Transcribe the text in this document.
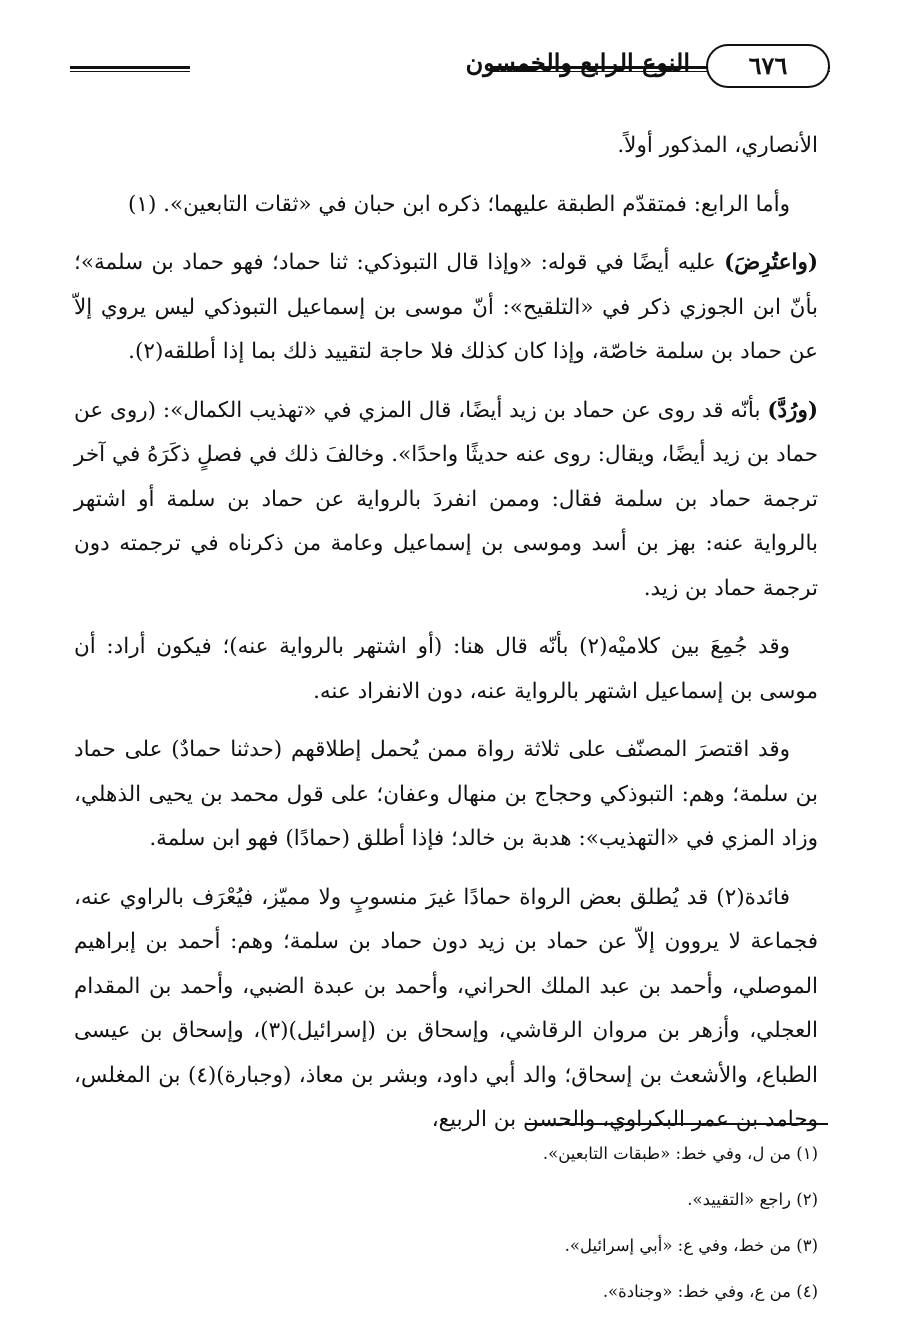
النوع الرابع والخمسون	٦٧٦

الأنصاري، المذكور أولاً.

وأما الرابع: فمتقدّم الطبقة عليهما؛ ذكره ابن حبان في «ثقات التابعين». (١)

(واعتُرِضَ) عليه أيضًا في قوله: «وإذا قال التبوذكي: ثنا حماد؛ فهو حماد بن سلمة»؛ بأنّ ابن الجوزي ذكر في «التلقيح»: أنّ موسى بن إسماعيل التبوذكي ليس يروي إلاّ عن حماد بن سلمة خاصّة، وإذا كان كذلك فلا حاجة لتقييد ذلك بما إذا أطلقه(٢).

(ورُدَّ) بأنّه قد روى عن حماد بن زيد أيضًا، قال المزي في «تهذيب الكمال»: (روى عن حماد بن زيد أيضًا، ويقال: روى عنه حديثًا واحدًا». وخالفَ ذلك في فصلٍ ذكَرَهُ في آخر ترجمة حماد بن سلمة فقال: وممن انفردَ بالرواية عن حماد بن سلمة أو اشتهر بالرواية عنه: بهز بن أسد وموسى بن إسماعيل وعامة من ذكرناه في ترجمته دون ترجمة حماد بن زيد.

وقد جُمِعَ بين كلاميْه(٢) بأنّه قال هنا: (أو اشتهر بالرواية عنه)؛ فيكون أراد: أن موسى بن إسماعيل اشتهر بالرواية عنه، دون الانفراد عنه.

وقد اقتصرَ المصنّف على ثلاثة رواة ممن يُحمل إطلاقهم (حدثنا حمادٌ) على حماد بن سلمة؛ وهم: التبوذكي وحجاج بن منهال وعفان؛ على قول محمد بن يحيى الذهلي، وزاد المزي في «التهذيب»: هدبة بن خالد؛ فإذا أطلق (حمادًا) فهو ابن سلمة.

فائدة(٢) قد يُطلق بعض الرواة حمادًا غيرَ منسوبٍ ولا مميّز، فيُعْرَف بالراوي عنه، فجماعة لا يروون إلاّ عن حماد بن زيد دون حماد بن سلمة؛ وهم: أحمد بن إبراهيم الموصلي، وأحمد بن عبد الملك الحراني، وأحمد بن عبدة الضبي، وأحمد بن المقدام العجلي، وأزهر بن مروان الرقاشي، وإسحاق بن (إسرائيل)(٣)، وإسحاق بن عيسى الطباع، والأشعث بن إسحاق؛ والد أبي داود، وبشر بن معاذ، (وجبارة)(٤) بن المغلس، وحامد بن عمر البكراوي، والحسن بن الربيع،

(١) من ل، وفي خط: «طبقات التابعين».
(٢) راجع «التقييد».
(٣) من خط، وفي ع: «أبي إسرائيل».
(٤) من ع، وفي خط: «وجنادة».
